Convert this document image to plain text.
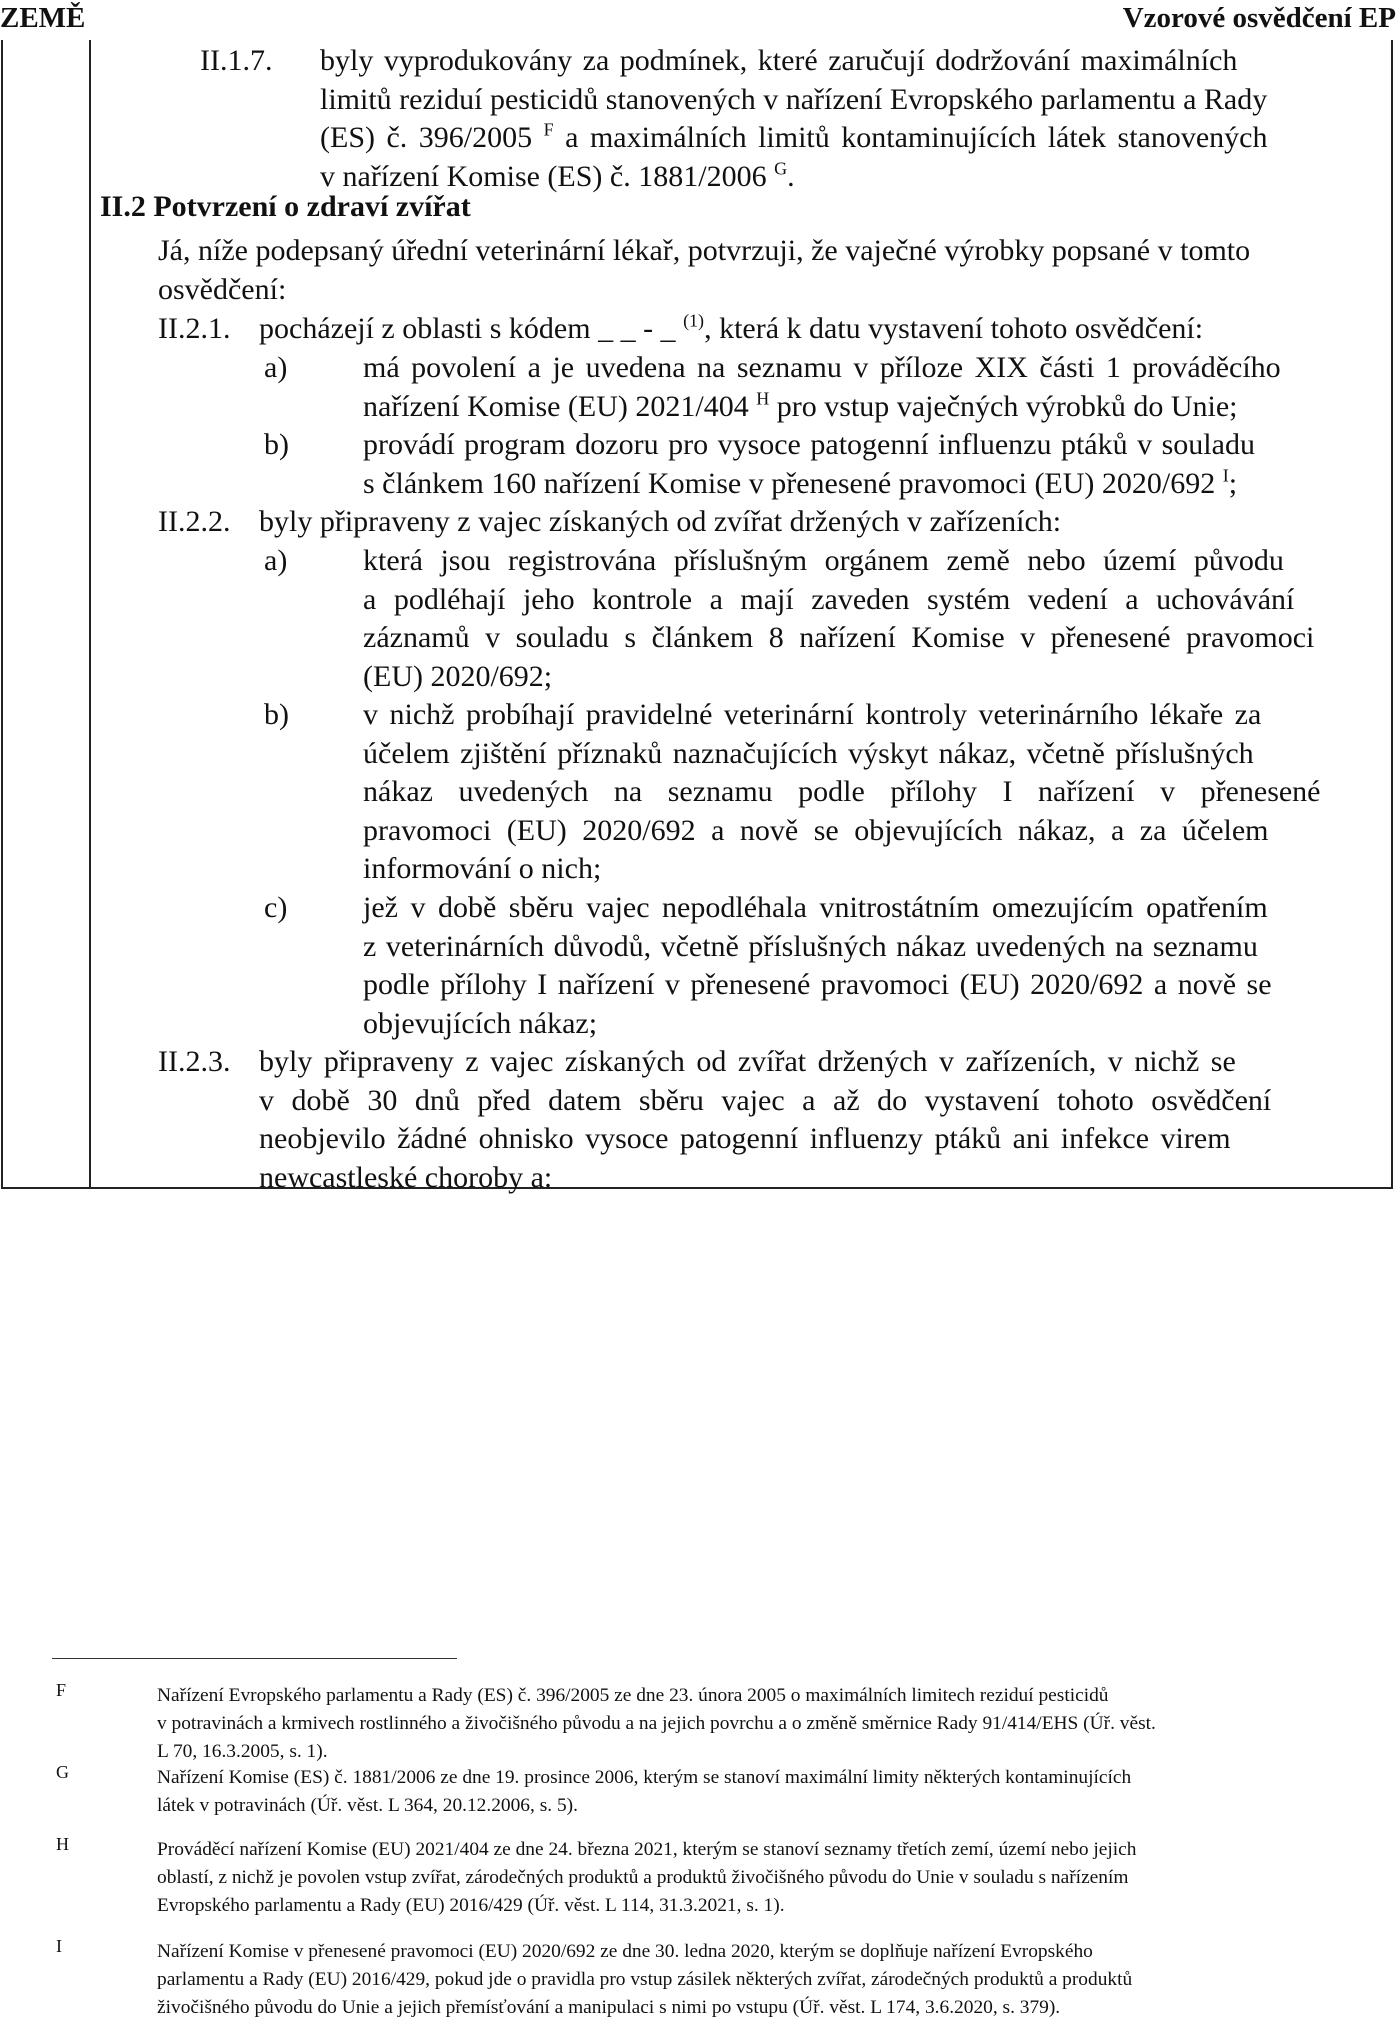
ZEMĚ	Vzorové osvědčení EP
II.1.7. byly vyprodukovány za podmínek, které zaručují dodržování maximálních
limitů reziduí pesticidů stanovených v nařízení Evropského parlamentu a Rady
(ES) č. 396/2005 $^F$ a maximálních limitů kontaminujících látek stanovených
v nařízení Komise (ES) č. 1881/2006 $^G$.
II.2 Potvrzení o zdraví zvířat
Já, níže podepsaný úřední veterinární lékař, potvrzuji, že vaječné výrobky popsané v tomto
osvědčení:
II.2.1. pocházejí z oblasti s kódem _ _ - _ $^{(1)}$, která k datu vystavení tohoto osvědčení:
a)	má povolení a je uvedena na seznamu v příloze XIX části 1 prováděcího
nařízení Komise (EU) 2021/404 $^H$ pro vstup vaječných výrobků do Unie;
b) provádí program dozoru pro vysoce patogenní influenzu ptáků v souladu
s článkem 160 nařízení Komise v přenesené pravomoci (EU) 2020/692 $^I$;
II.2.2. byly připraveny z vajec získaných od zvířat držených v zařízeních:
a)	která jsou registrována příslušným orgánem země nebo území původu
a podléhají jeho kontrole a mají zaveden systém vedení a uchovávání
záznamů v souladu s článkem 8 nařízení Komise v přenesené pravomoci
(EU) 2020/692;
b) v nichž probíhají pravidelné veterinární kontroly veterinárního lékaře za
účelem zjištění příznaků naznačujících výskyt nákaz, včetně příslušných
nákaz uvedených na seznamu podle přílohy I nařízení v přenesené
pravomoci (EU) 2020/692 a nově se objevujících nákaz, a za účelem
informování o nich;
c)	jež v době sběru vajec nepodléhala vnitrostátním omezujícím opatřením
z veterinárních důvodů, včetně příslušných nákaz uvedených na seznamu
podle přílohy I nařízení v přenesené pravomoci (EU) 2020/692 a nově se
objevujících nákaz;
II.2.3. byly připraveny z vajec získaných od zvířat držených v zařízeních, v nichž se
v době 30 dnů před datem sběru vajec a až do vystavení tohoto osvědčení
neobjevilo žádné ohnisko vysoce patogenní influenzy ptáků ani infekce virem
newcastleské choroby a:
F	Nařízení Evropského parlamentu a Rady (ES) č. 396/2005 ze dne 23. února 2005 o maximálních limitech reziduí pesticidů
v potravinách a krmivech rostlinného a živočišného původu a na jejich povrchu a o změně směrnice Rady 91/414/EHS (Úř. věst.
L 70, 16.3.2005, s. 1).
G	Nařízení Komise (ES) č. 1881/2006 ze dne 19. prosince 2006, kterým se stanoví maximální limity některých kontaminujících
látek v potravinách (Úř. věst. L 364, 20.12.2006, s. 5).
H	Prováděcí nařízení Komise (EU) 2021/404 ze dne 24. března 2021, kterým se stanoví seznamy třetích zemí, území nebo jejich
oblastí, z nichž je povolen vstup zvířat, zárodečných produktů a produktů živočišného původu do Unie v souladu s nařízením
Evropského parlamentu a Rady (EU) 2016/429 (Úř. věst. L 114, 31.3.2021, s. 1).
I	Nařízení Komise v přenesené pravomoci (EU) 2020/692 ze dne 30. ledna 2020, kterým se doplňuje nařízení Evropského
parlamentu a Rady (EU) 2016/429, pokud jde o pravidla pro vstup zásilek některých zvířat, zárodečných produktů a produktů
živočišného původu do Unie a jejich přemísťování a manipulaci s nimi po vstupu (Úř. věst. L 174, 3.6.2020, s. 379).
